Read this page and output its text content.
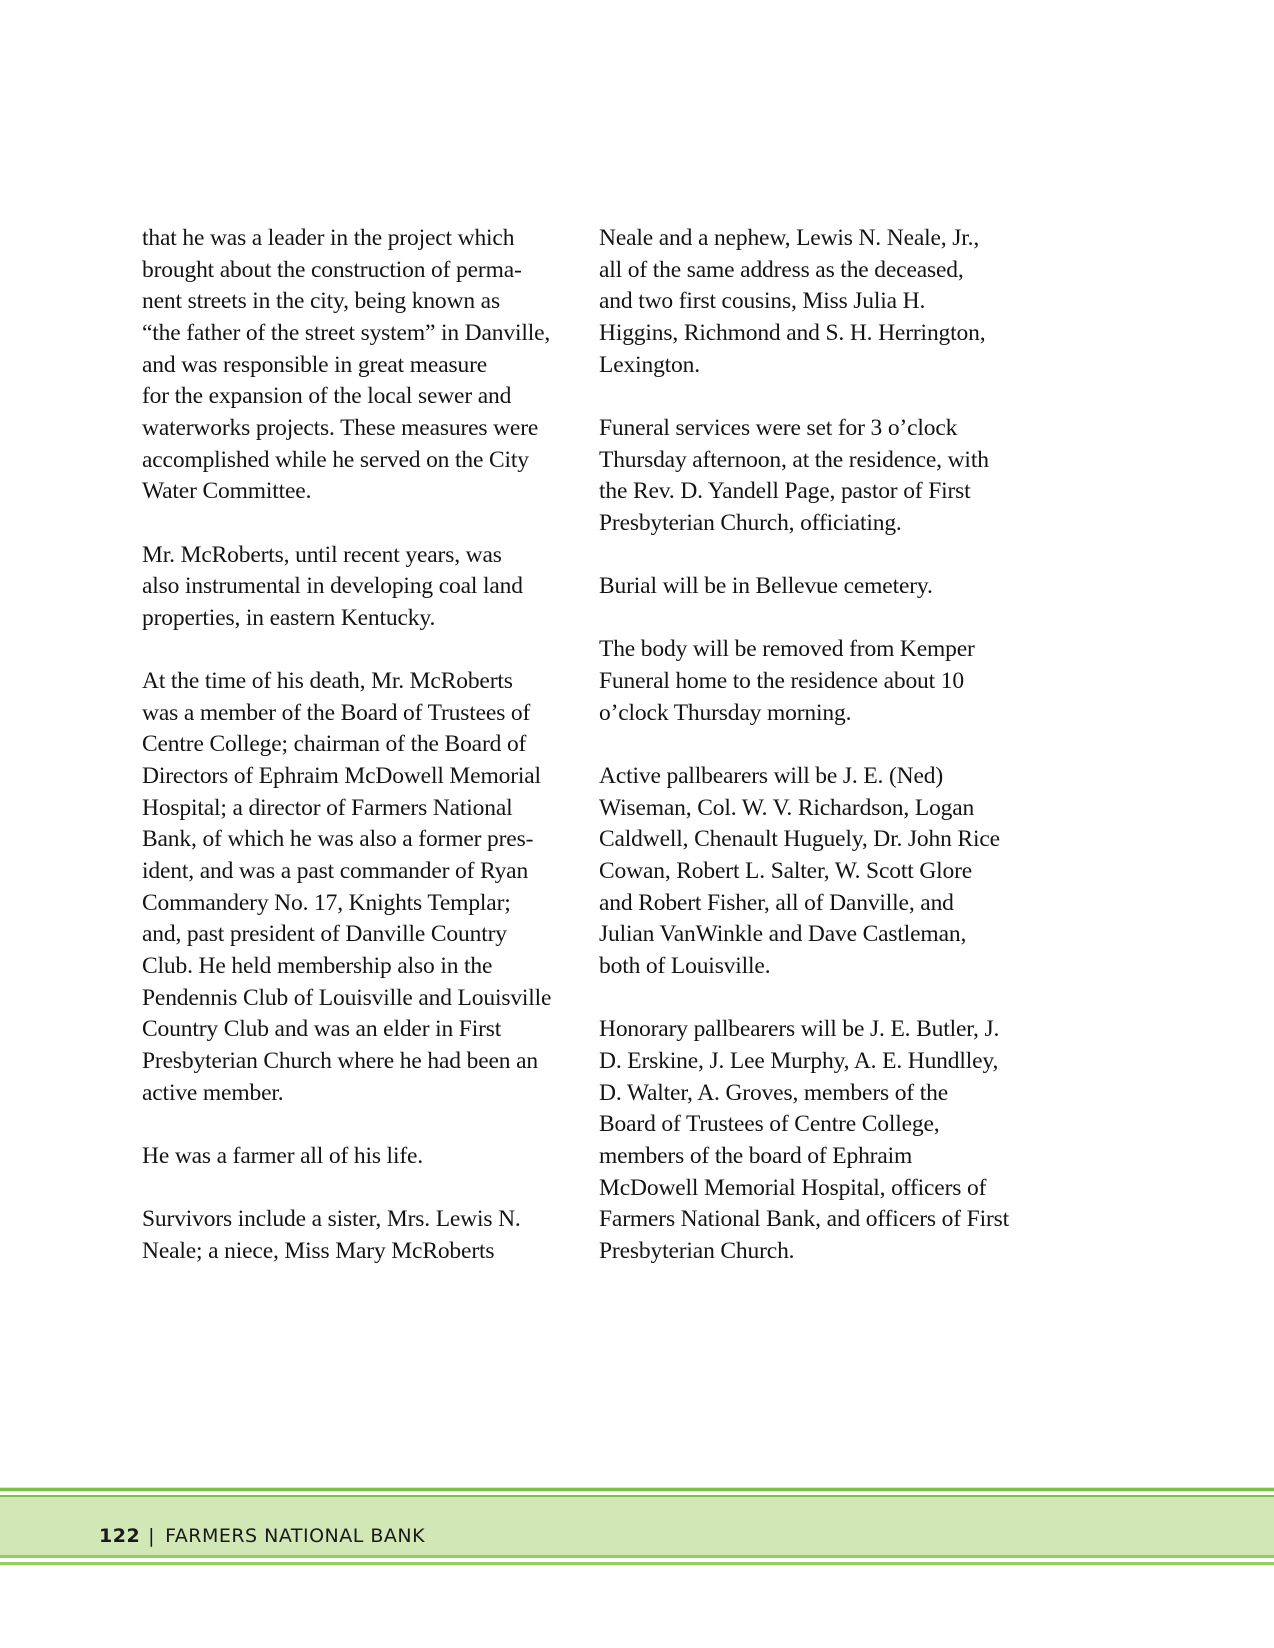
that he was a leader in the project which
brought about the construction of perma-
nent streets in the city, being known as
“the father of the street system” in Danville,
and was responsible in great measure
for the expansion of the local sewer and
waterworks projects. These measures were
accomplished while he served on the City
Water Committee.

Mr. McRoberts, until recent years, was
also instrumental in developing coal land
properties, in eastern Kentucky.

At the time of his death, Mr. McRoberts
was a member of the Board of Trustees of
Centre College; chairman of the Board of
Directors of Ephraim McDowell Memorial
Hospital; a director of Farmers National
Bank, of which he was also a former pres-
ident, and was a past commander of Ryan
Commandery No. 17, Knights Templar;
and, past president of Danville Country
Club. He held membership also in the
Pendennis Club of Louisville and Louisville
Country Club and was an elder in First
Presbyterian Church where he had been an
active member.

He was a farmer all of his life.

Survivors include a sister, Mrs. Lewis N.
Neale; a niece, Miss Mary McRoberts

Neale and a nephew, Lewis N. Neale, Jr.,
all of the same address as the deceased,
and two first cousins, Miss Julia H.
Higgins, Richmond and S. H. Herrington,
Lexington.

Funeral services were set for 3 o’clock
Thursday afternoon, at the residence, with
the Rev. D. Yandell Page, pastor of First
Presbyterian Church, officiating.

Burial will be in Bellevue cemetery.

The body will be removed from Kemper
Funeral home to the residence about 10
o’clock Thursday morning.

Active pallbearers will be J. E. (Ned)
Wiseman, Col. W. V. Richardson, Logan
Caldwell, Chenault Huguely, Dr. John Rice
Cowan, Robert L. Salter, W. Scott Glore
and Robert Fisher, all of Danville, and
Julian VanWinkle and Dave Castleman,
both of Louisville.

Honorary pallbearers will be J. E. Butler, J.
D. Erskine, J. Lee Murphy, A. E. Hundlley,
D. Walter, A. Groves, members of the
Board of Trustees of Centre College,
members of the board of Ephraim
McDowell Memorial Hospital, officers of
Farmers National Bank, and officers of First
Presbyterian Church.

122 | FARMERS NATIONAL BANK
